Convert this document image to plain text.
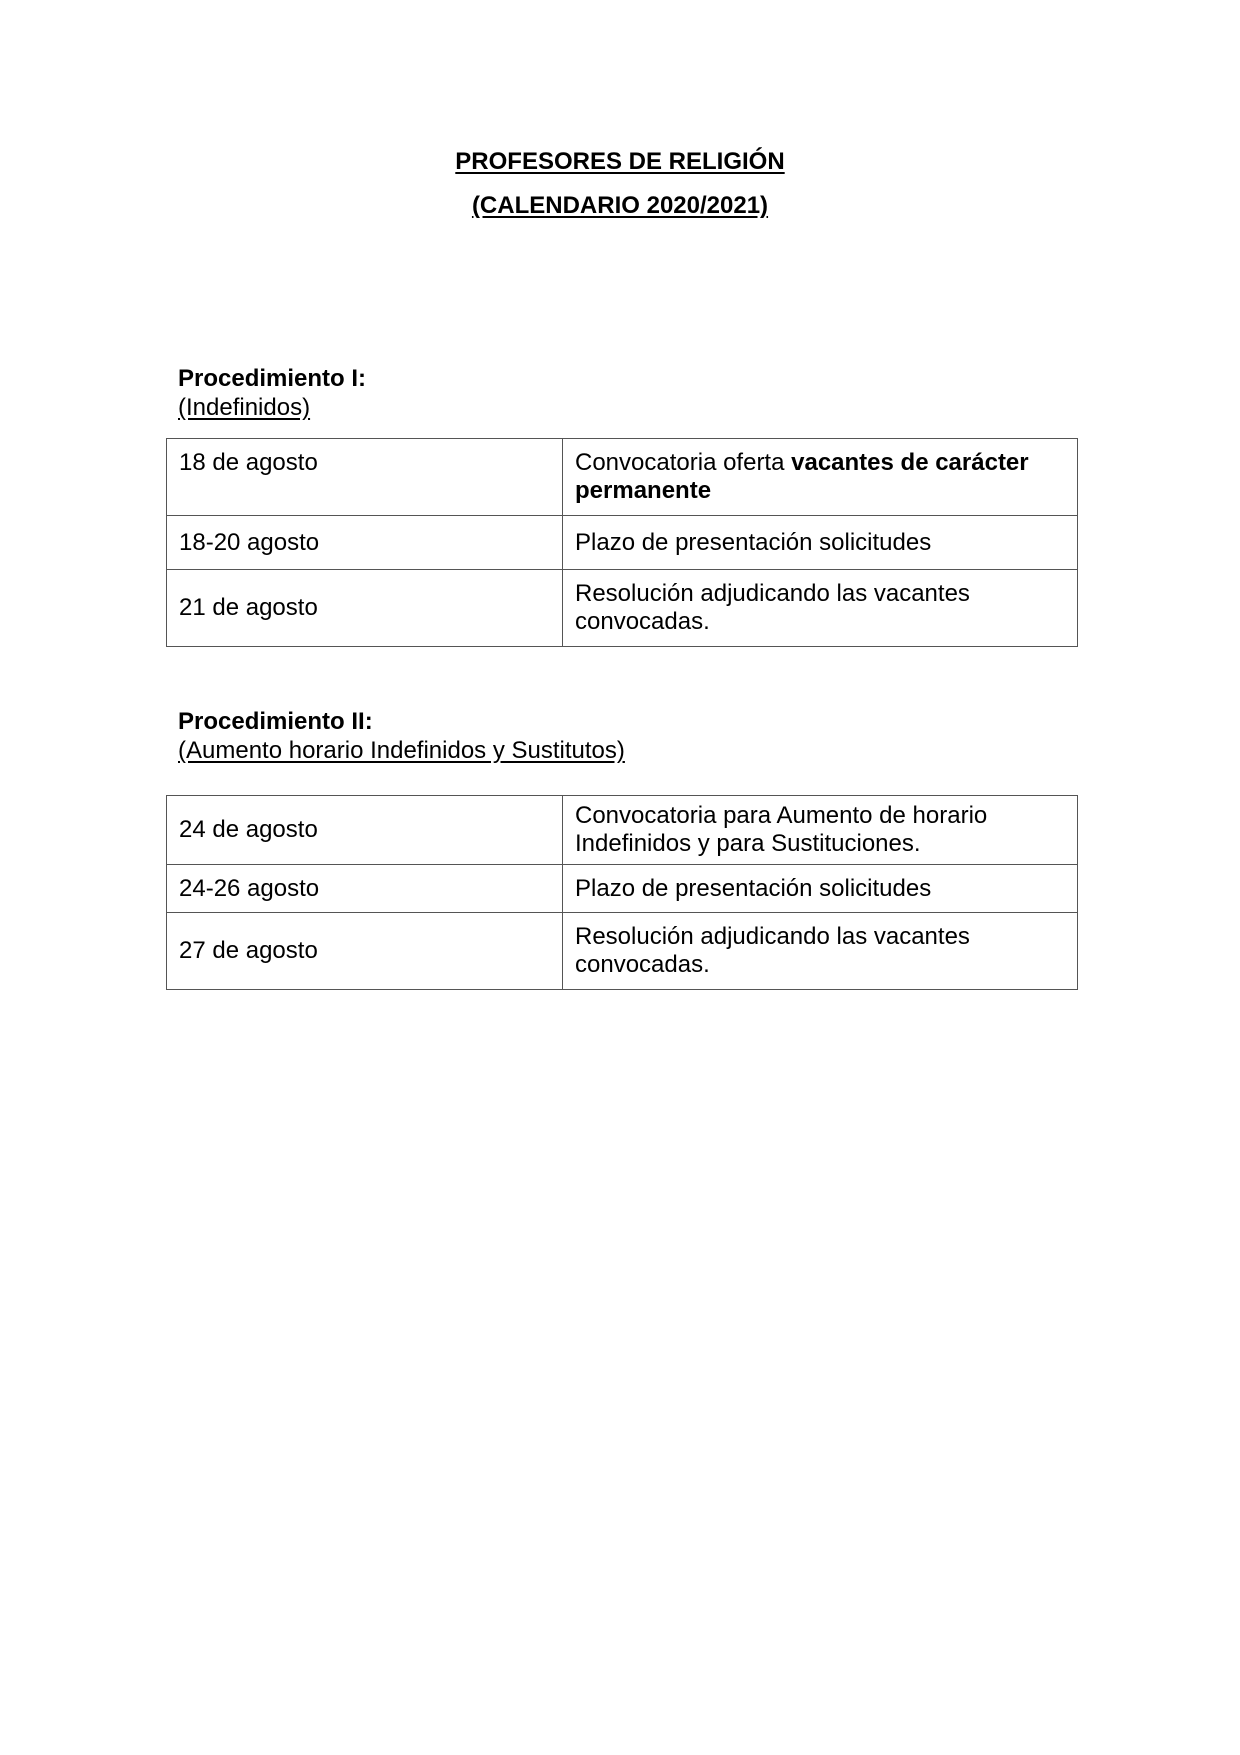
PROFESORES DE RELIGIÓN
(CALENDARIO 2020/2021)

Procedimiento I:

(Indefinidos)

18 de agosto	Convocatoria oferta vacantes de carácter permanente
18-20 agosto	Plazo de presentación solicitudes
21 de agosto	Resolución adjudicando las vacantes convocadas.

Procedimiento II:

(Aumento horario Indefinidos y Sustitutos)

24 de agosto	Convocatoria para Aumento de horario Indefinidos y para Sustituciones.
24-26 agosto	Plazo de presentación solicitudes
27 de agosto	Resolución adjudicando las vacantes convocadas.
